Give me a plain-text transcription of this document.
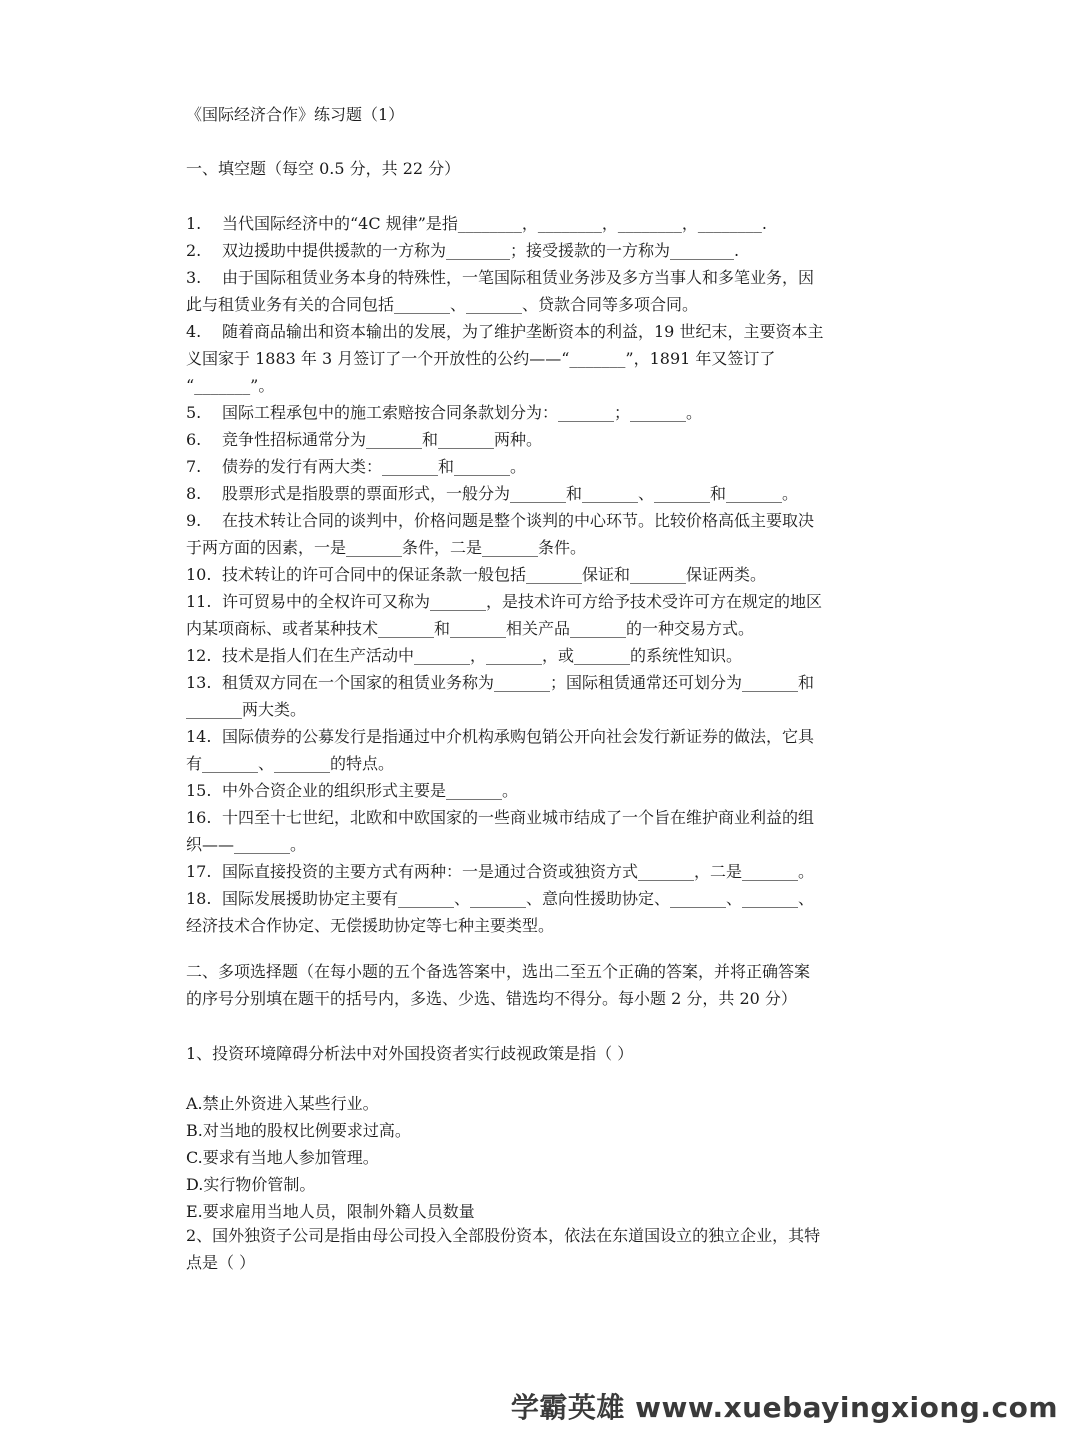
《国际经济合作》练习题（1）
一、填空题（每空 0.5 分，共 22 分）
1. 当代国际经济中的“4C 规律”是指________，________，________，________.
2. 双边援助中提供援款的一方称为________；接受援款的一方称为________.
3. 由于国际租赁业务本身的特殊性，一笔国际租赁业务涉及多方当事人和多笔业务，因
此与租赁业务有关的合同包括_______、_______、贷款合同等多项合同。
4. 随着商品输出和资本输出的发展，为了维护垄断资本的利益，19 世纪末，主要资本主
义国家于 1883 年 3 月签订了一个开放性的公约——“_______”，1891 年又签订了
“_______”。
5. 国际工程承包中的施工索赔按合同条款划分为：_______；_______。
6. 竞争性招标通常分为_______和_______两种。
7. 债券的发行有两大类：_______和_______。
8. 股票形式是指股票的票面形式，一般分为_______和_______、_______和_______。
9. 在技术转让合同的谈判中，价格问题是整个谈判的中心环节。比较价格高低主要取决
于两方面的因素，一是_______条件，二是_______条件。
10. 技术转让的许可合同中的保证条款一般包括_______保证和_______保证两类。
11. 许可贸易中的全权许可又称为_______，是技术许可方给予技术受许可方在规定的地区
内某项商标、或者某种技术_______和_______相关产品_______的一种交易方式。
12. 技术是指人们在生产活动中_______，_______，或_______的系统性知识。
13. 租赁双方同在一个国家的租赁业务称为_______；国际租赁通常还可划分为_______和
_______两大类。
14. 国际债券的公募发行是指通过中介机构承购包销公开向社会发行新证券的做法，它具
有_______、_______的特点。
15. 中外合资企业的组织形式主要是_______。
16. 十四至十七世纪，北欧和中欧国家的一些商业城市结成了一个旨在维护商业利益的组
织——_______。
17. 国际直接投资的主要方式有两种：一是通过合资或独资方式_______，二是_______。
18. 国际发展援助协定主要有_______、_______、意向性援助协定、_______、_______、
经济技术合作协定、无偿援助协定等七种主要类型。
二、多项选择题（在每小题的五个备选答案中，选出二至五个正确的答案，并将正确答案
的序号分别填在题干的括号内，多选、少选、错选均不得分。每小题 2 分，共 20 分）
1、投资环境障碍分析法中对外国投资者实行歧视政策是指（ ）
A.禁止外资进入某些行业。
B.对当地的股权比例要求过高。
C.要求有当地人参加管理。
D.实行物价管制。
E.要求雇用当地人员，限制外籍人员数量
2、国外独资子公司是指由母公司投入全部股份资本，依法在东道国设立的独立企业，其特
点是（ ）
学霸英雄 www.xuebayingxiong.com
